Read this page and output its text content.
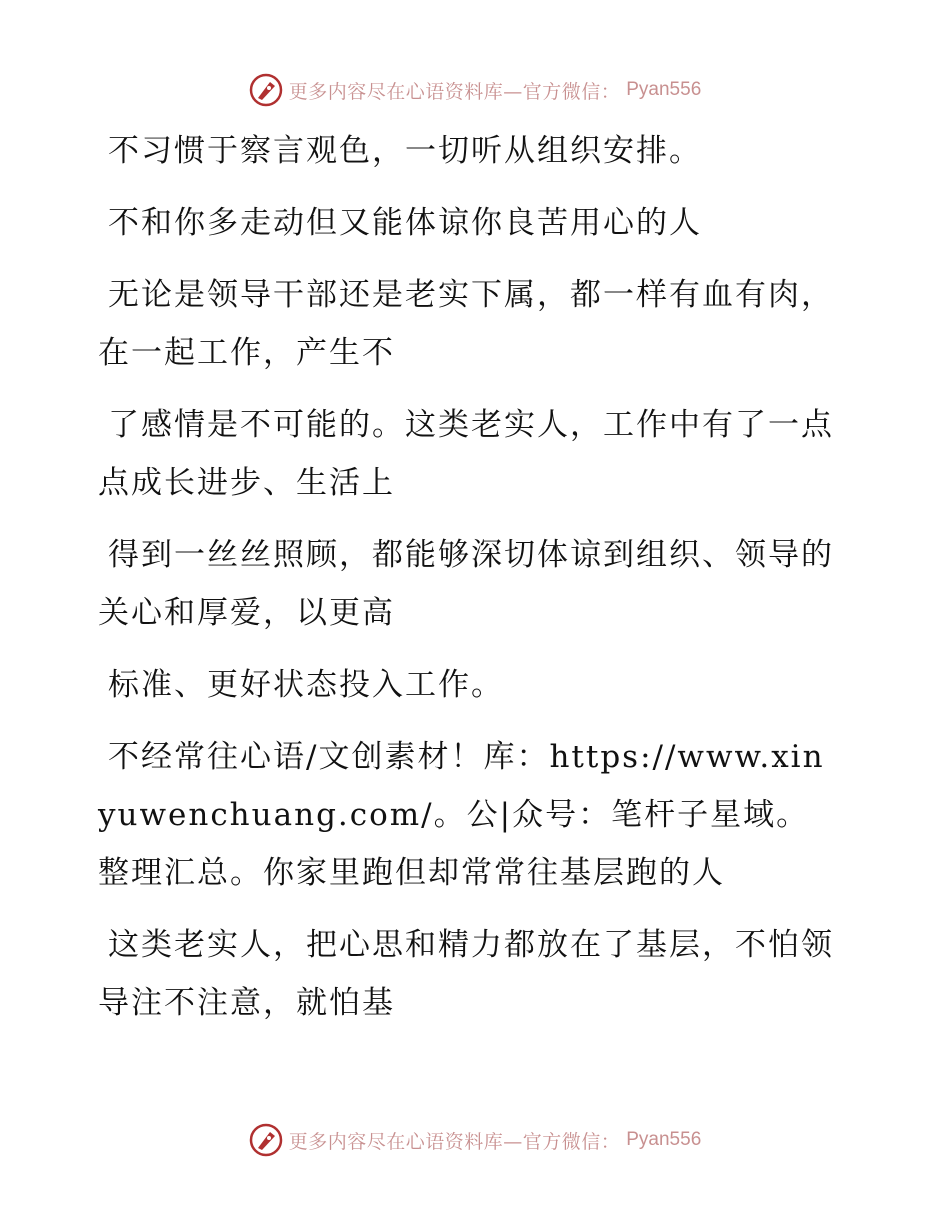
更多内容尽在心语资料库—官方微信： Pyan556

不习惯于察言观色，一切听从组织安排。

不和你多走动但又能体谅你良苦用心的人

无论是领导干部还是老实下属，都一样有血有肉，在一起工作，产生不

了感情是不可能的。这类老实人，工作中有了一点点成长进步、生活上

得到一丝丝照顾，都能够深切体谅到组织、领导的关心和厚爱，以更高

标准、更好状态投入工作。

不经常往心语/文创素材！库：https://www.xinyuwenchuang.com/。公|众号：笔杆子星域。整理汇总。你家里跑但却常常往基层跑的人

这类老实人，把心思和精力都放在了基层，不怕领导注不注意，就怕基

更多内容尽在心语资料库—官方微信： Pyan556
